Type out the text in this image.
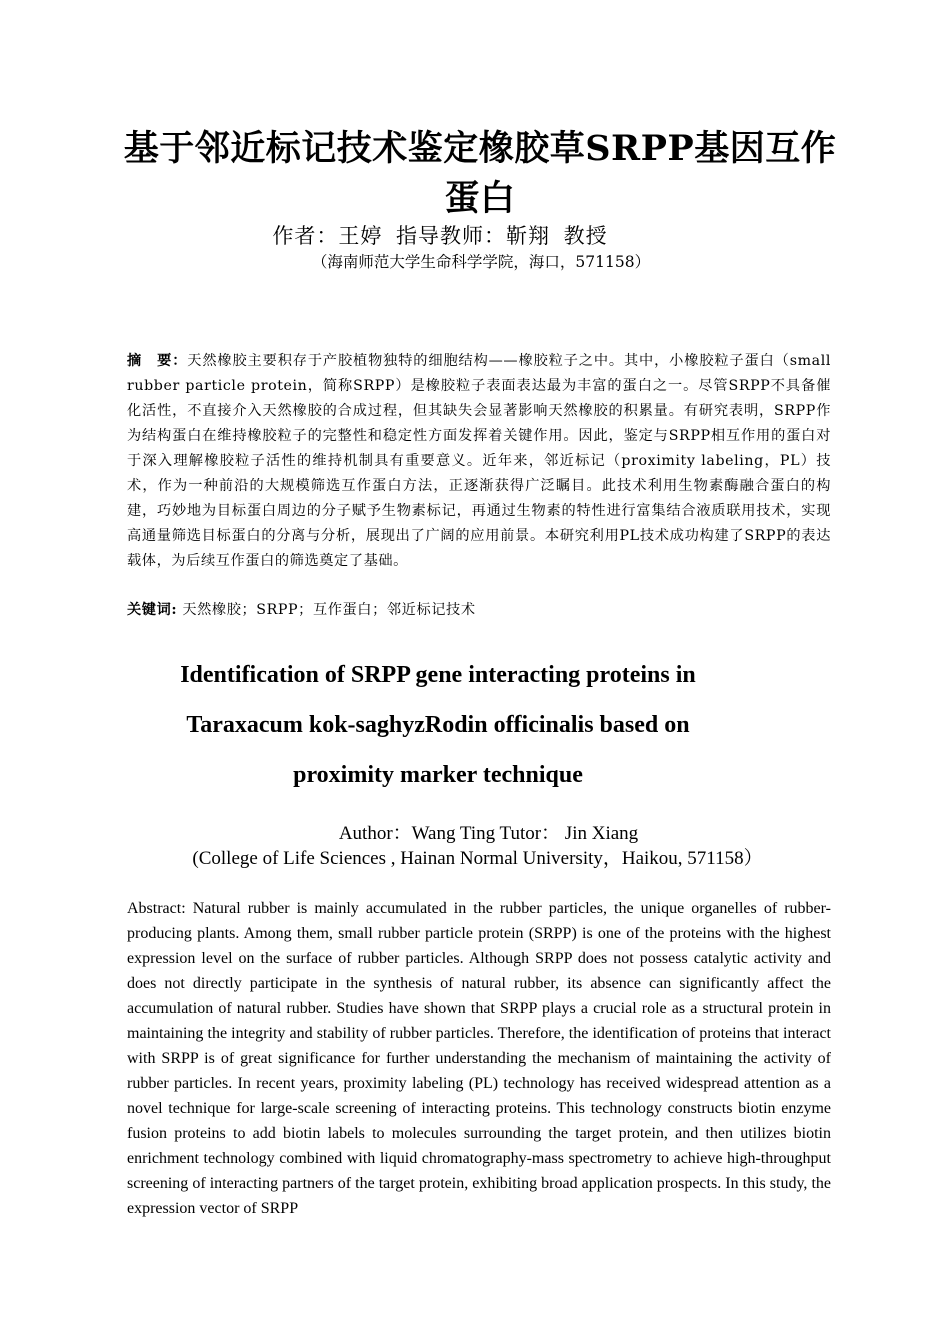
基于邻近标记技术鉴定橡胶草SRPP基因互作蛋白
作者：王婷 指导教师：靳翔 教授
（海南师范大学生命科学学院，海口，571158）
摘　要：天然橡胶主要积存于产胶植物独特的细胞结构——橡胶粒子之中。其中，小橡胶粒子蛋白（small rubber particle protein，简称SRPP）是橡胶粒子表面表达最为丰富的蛋白之一。尽管SRPP不具备催化活性，不直接介入天然橡胶的合成过程，但其缺失会显著影响天然橡胶的积累量。有研究表明，SRPP作为结构蛋白在维持橡胶粒子的完整性和稳定性方面发挥着关键作用。因此，鉴定与SRPP相互作用的蛋白对于深入理解橡胶粒子活性的维持机制具有重要意义。近年来，邻近标记（proximity labeling，PL）技术，作为一种前沿的大规模筛选互作蛋白方法，正逐渐获得广泛瞩目。此技术利用生物素酶融合蛋白的构建，巧妙地为目标蛋白周边的分子赋予生物素标记，再通过生物素的特性进行富集结合液质联用技术，实现高通量筛选目标蛋白的分离与分析，展现出了广阔的应用前景。本研究利用PL技术成功构建了SRPP的表达载体，为后续互作蛋白的筛选奠定了基础。
关键词: 天然橡胶；SRPP；互作蛋白；邻近标记技术
Identification of SRPP gene interacting proteins in
Taraxacum kok-saghyzRodin officinalis based on
proximity marker technique
Author：Wang Ting Tutor： Jin Xiang
(College of Life Sciences , Hainan Normal University，Haikou, 571158）
Abstract: Natural rubber is mainly accumulated in the rubber particles, the unique organelles of rubber-producing plants. Among them, small rubber particle protein (SRPP) is one of the proteins with the highest expression level on the surface of rubber particles. Although SRPP does not possess catalytic activity and does not directly participate in the synthesis of natural rubber, its absence can significantly affect the accumulation of natural rubber. Studies have shown that SRPP plays a crucial role as a structural protein in maintaining the integrity and stability of rubber particles. Therefore, the identification of proteins that interact with SRPP is of great significance for further understanding the mechanism of maintaining the activity of rubber particles. In recent years, proximity labeling (PL) technology has received widespread attention as a novel technique for large-scale screening of interacting proteins. This technology constructs biotin enzyme fusion proteins to add biotin labels to molecules surrounding the target protein, and then utilizes biotin enrichment technology combined with liquid chromatography-mass spectrometry to achieve high-throughput screening of interacting partners of the target protein, exhibiting broad application prospects. In this study, the expression vector of SRPP
